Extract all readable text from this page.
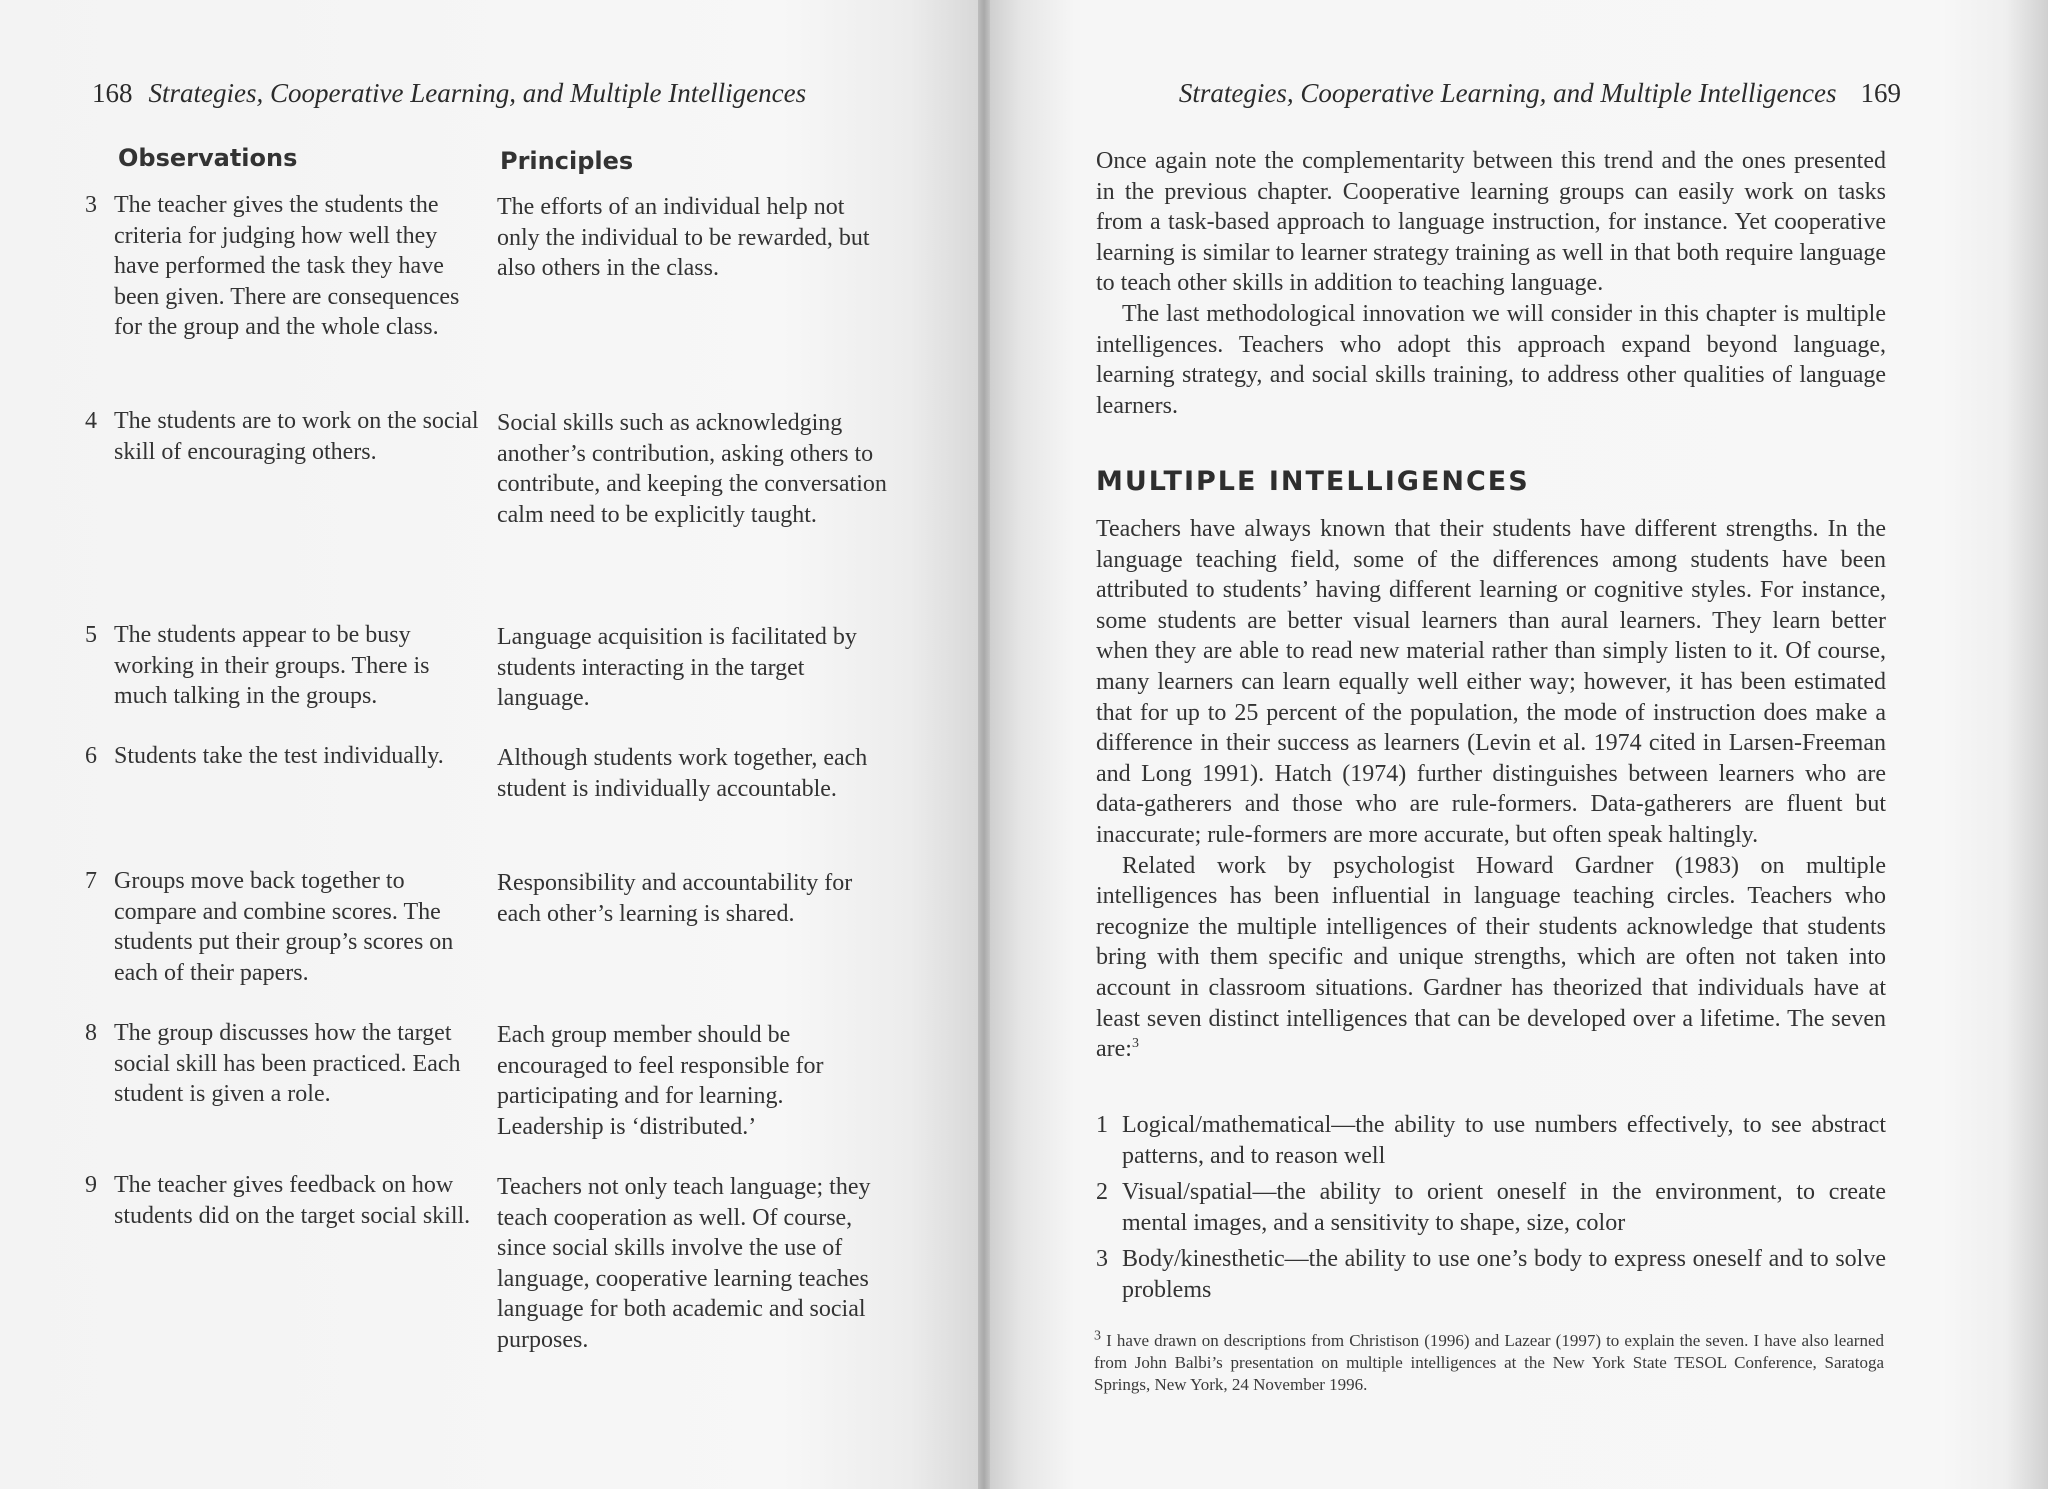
168 Strategies, Cooperative Learning, and Multiple Intelligences
Observations	Principles
3 The teacher gives the students the criteria for judging how well they have performed the task they have been given. There are consequences for the group and the whole class.
The efforts of an individual help not only the individual to be rewarded, but also others in the class.
4 The students are to work on the social skill of encouraging others.
Social skills such as acknowledging another’s contribution, asking others to contribute, and keeping the conversation calm need to be explicitly taught.
5 The students appear to be busy working in their groups. There is much talking in the groups.
Language acquisition is facilitated by students interacting in the target language.
6 Students take the test individually.	Although students work together, each student is individually accountable.
7 Groups move back together to compare and combine scores. The students put their group’s scores on each of their papers.
Responsibility and accountability for each other’s learning is shared.
8 The group discusses how the target social skill has been practiced. Each student is given a role.
Each group member should be encouraged to feel responsible for participating and for learning. Leadership is ‘distributed.’
9 The teacher gives feedback on how students did on the target social skill.
Teachers not only teach language; they teach cooperation as well. Of course, since social skills involve the use of language, cooperative learning teaches language for both academic and social purposes.
Strategies, Cooperative Learning, and Multiple Intelligences 169

Once again note the complementarity between this trend and the ones presented in the previous chapter. Cooperative learning groups can easily work on tasks from a task-based approach to language instruction, for instance. Yet cooperative learning is similar to learner strategy training as well in that both require language to teach other skills in addition to teaching language.

The last methodological innovation we will consider in this chapter is multiple intelligences. Teachers who adopt this approach expand beyond language, learning strategy, and social skills training, to address other qualities of language learners.

MULTIPLE INTELLIGENCES

Teachers have always known that their students have different strengths. In the language teaching field, some of the differences among students have been attributed to students’ having different learning or cognitive styles. For instance, some students are better visual learners than aural learners. They learn better when they are able to read new material rather than simply listen to it. Of course, many learners can learn equally well either way; however, it has been estimated that for up to 25 percent of the population, the mode of instruction does make a difference in their success as learners (Levin et al. 1974 cited in Larsen-Freeman and Long 1991). Hatch (1974) further distinguishes between learners who are data-gatherers and those who are rule-formers. Data-gatherers are fluent but inaccurate; rule-formers are more accurate, but often speak haltingly.

Related work by psychologist Howard Gardner (1983) on multiple intelligences has been influential in language teaching circles. Teachers who recognize the multiple intelligences of their students acknowledge that students bring with them specific and unique strengths, which are often not taken into account in classroom situations. Gardner has theorized that individuals have at least seven distinct intelligences that can be developed over a lifetime. The seven are:$^3$

1 Logical/mathematical—the ability to use numbers effectively, to see abstract patterns, and to reason well
2 Visual/spatial—the ability to orient oneself in the environment, to create mental images, and a sensitivity to shape, size, color
3 Body/kinesthetic—the ability to use one’s body to express oneself and to solve problems
$^3$ I have drawn on descriptions from Christison (1996) and Lazear (1997) to explain the seven. I have also learned from John Balbi’s presentation on multiple intelligences at the New York State TESOL Conference, Saratoga Springs, New York, 24 November 1996.
